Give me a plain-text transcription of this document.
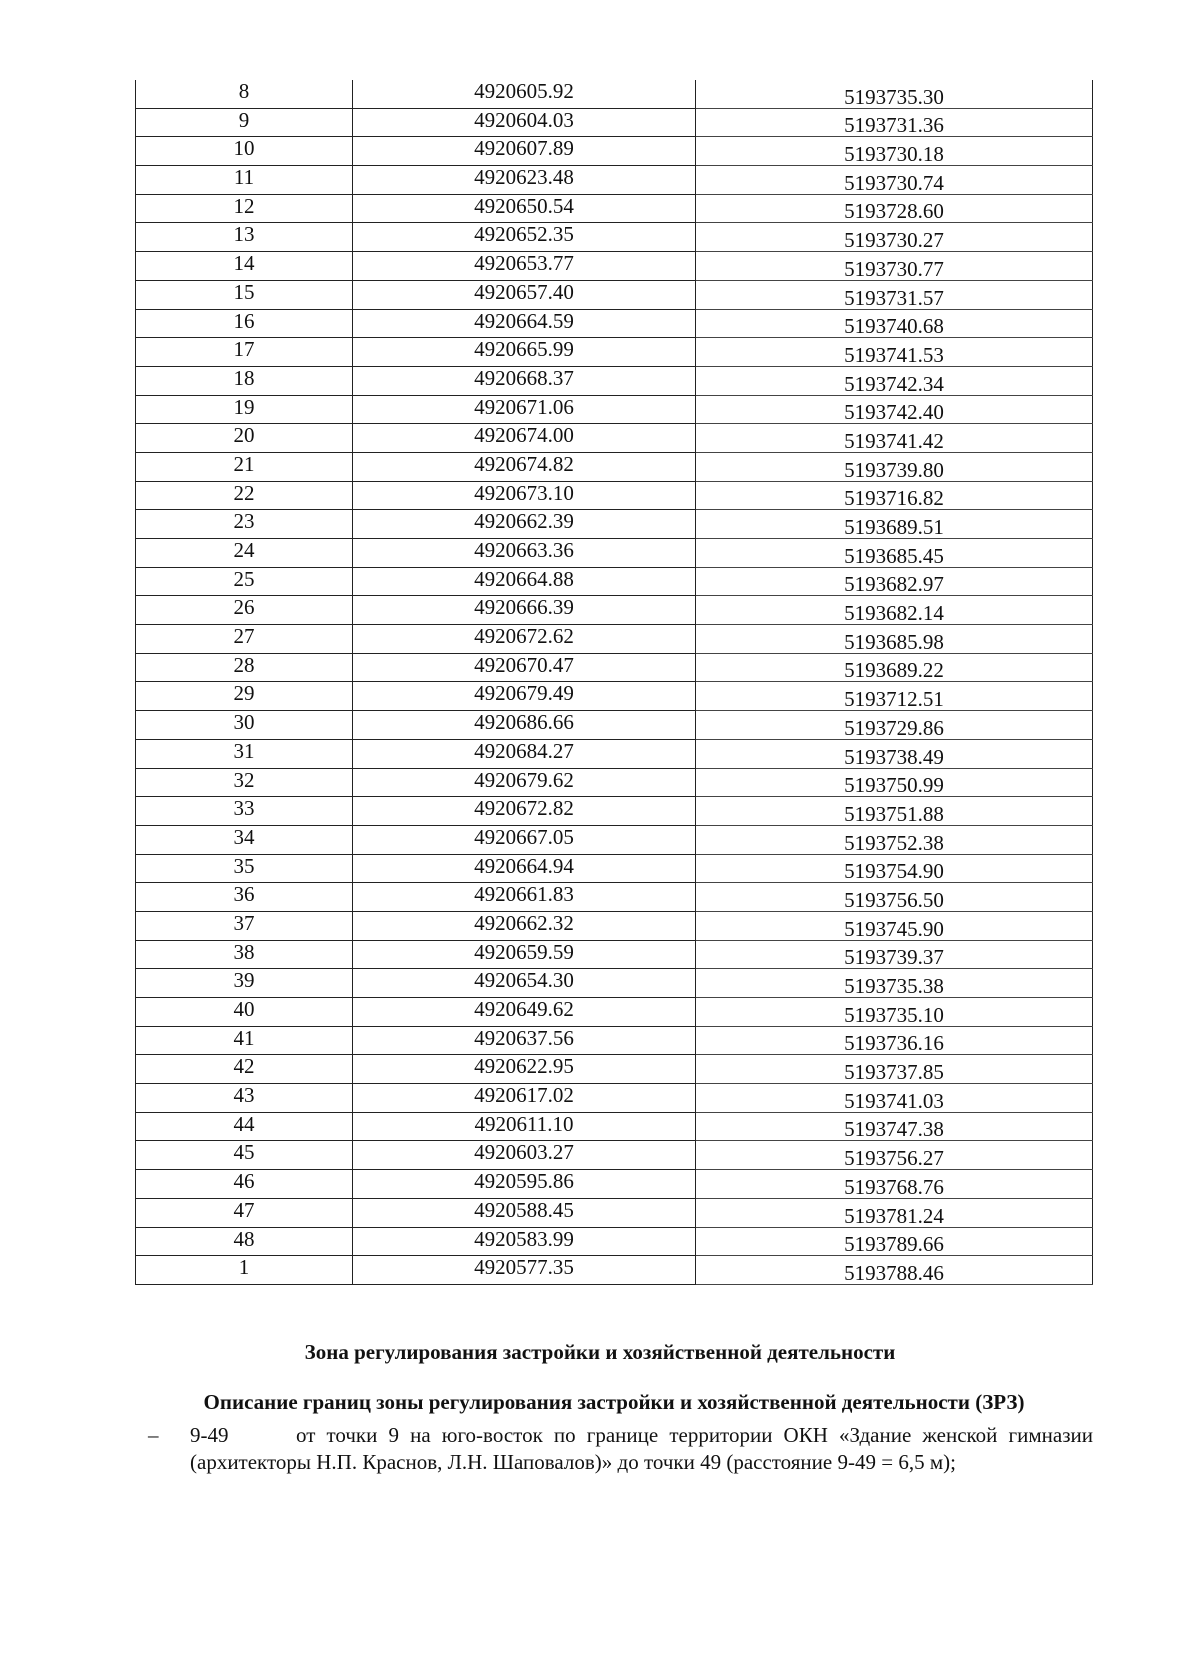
8	4920605.92	5193735.30
9	4920604.03	5193731.36
10	4920607.89	5193730.18
11	4920623.48	5193730.74
12	4920650.54	5193728.60
13	4920652.35	5193730.27
14	4920653.77	5193730.77
15	4920657.40	5193731.57
16	4920664.59	5193740.68
17	4920665.99	5193741.53
18	4920668.37	5193742.34
19	4920671.06	5193742.40
20	4920674.00	5193741.42
21	4920674.82	5193739.80
22	4920673.10	5193716.82
23	4920662.39	5193689.51
24	4920663.36	5193685.45
25	4920664.88	5193682.97
26	4920666.39	5193682.14
27	4920672.62	5193685.98
28	4920670.47	5193689.22
29	4920679.49	5193712.51
30	4920686.66	5193729.86
31	4920684.27	5193738.49
32	4920679.62	5193750.99
33	4920672.82	5193751.88
34	4920667.05	5193752.38
35	4920664.94	5193754.90
36	4920661.83	5193756.50
37	4920662.32	5193745.90
38	4920659.59	5193739.37
39	4920654.30	5193735.38
40	4920649.62	5193735.10
41	4920637.56	5193736.16
42	4920622.95	5193737.85
43	4920617.02	5193741.03
44	4920611.10	5193747.38
45	4920603.27	5193756.27
46	4920595.86	5193768.76
47	4920588.45	5193781.24
48	4920583.99	5193789.66
1	4920577.35	5193788.46
Зона регулирования застройки и хозяйственной деятельности
Описание границ зоны регулирования застройки и хозяйственной деятельности (ЗРЗ)
– 9-49	от точки 9 на юго-восток по границе территории ОКН «Здание женской гимназии (архитекторы Н.П. Краснов, Л.Н. Шаповалов)» до точки 49 (расстояние 9-49 = 6,5 м);
